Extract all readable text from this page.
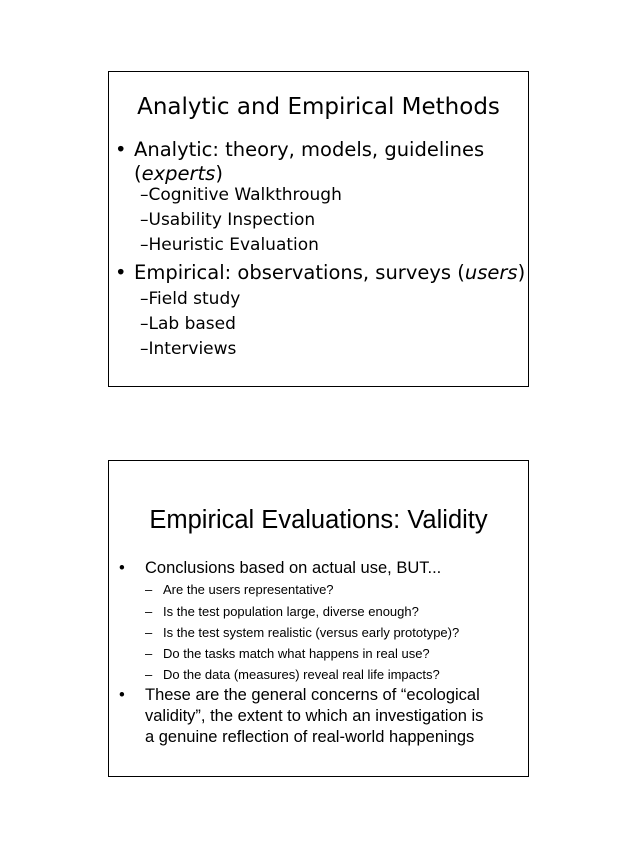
Analytic and Empirical Methods
• Analytic: theory, models, guidelines
(experts)
–Cognitive Walkthrough
–Usability Inspection
–Heuristic Evaluation
• Empirical: observations, surveys (users)
–Field study
–Lab based
–Interviews
Empirical Evaluations: Validity
• Conclusions based on actual use, BUT...
– Are the users representative?
– Is the test population large, diverse enough?
– Is the test system realistic (versus early prototype)?
– Do the tasks match what happens in real use?
– Do the data (measures) reveal real life impacts?
• These are the general concerns of “ecological
validity”, the extent to which an investigation is
a genuine reflection of real-world happenings
